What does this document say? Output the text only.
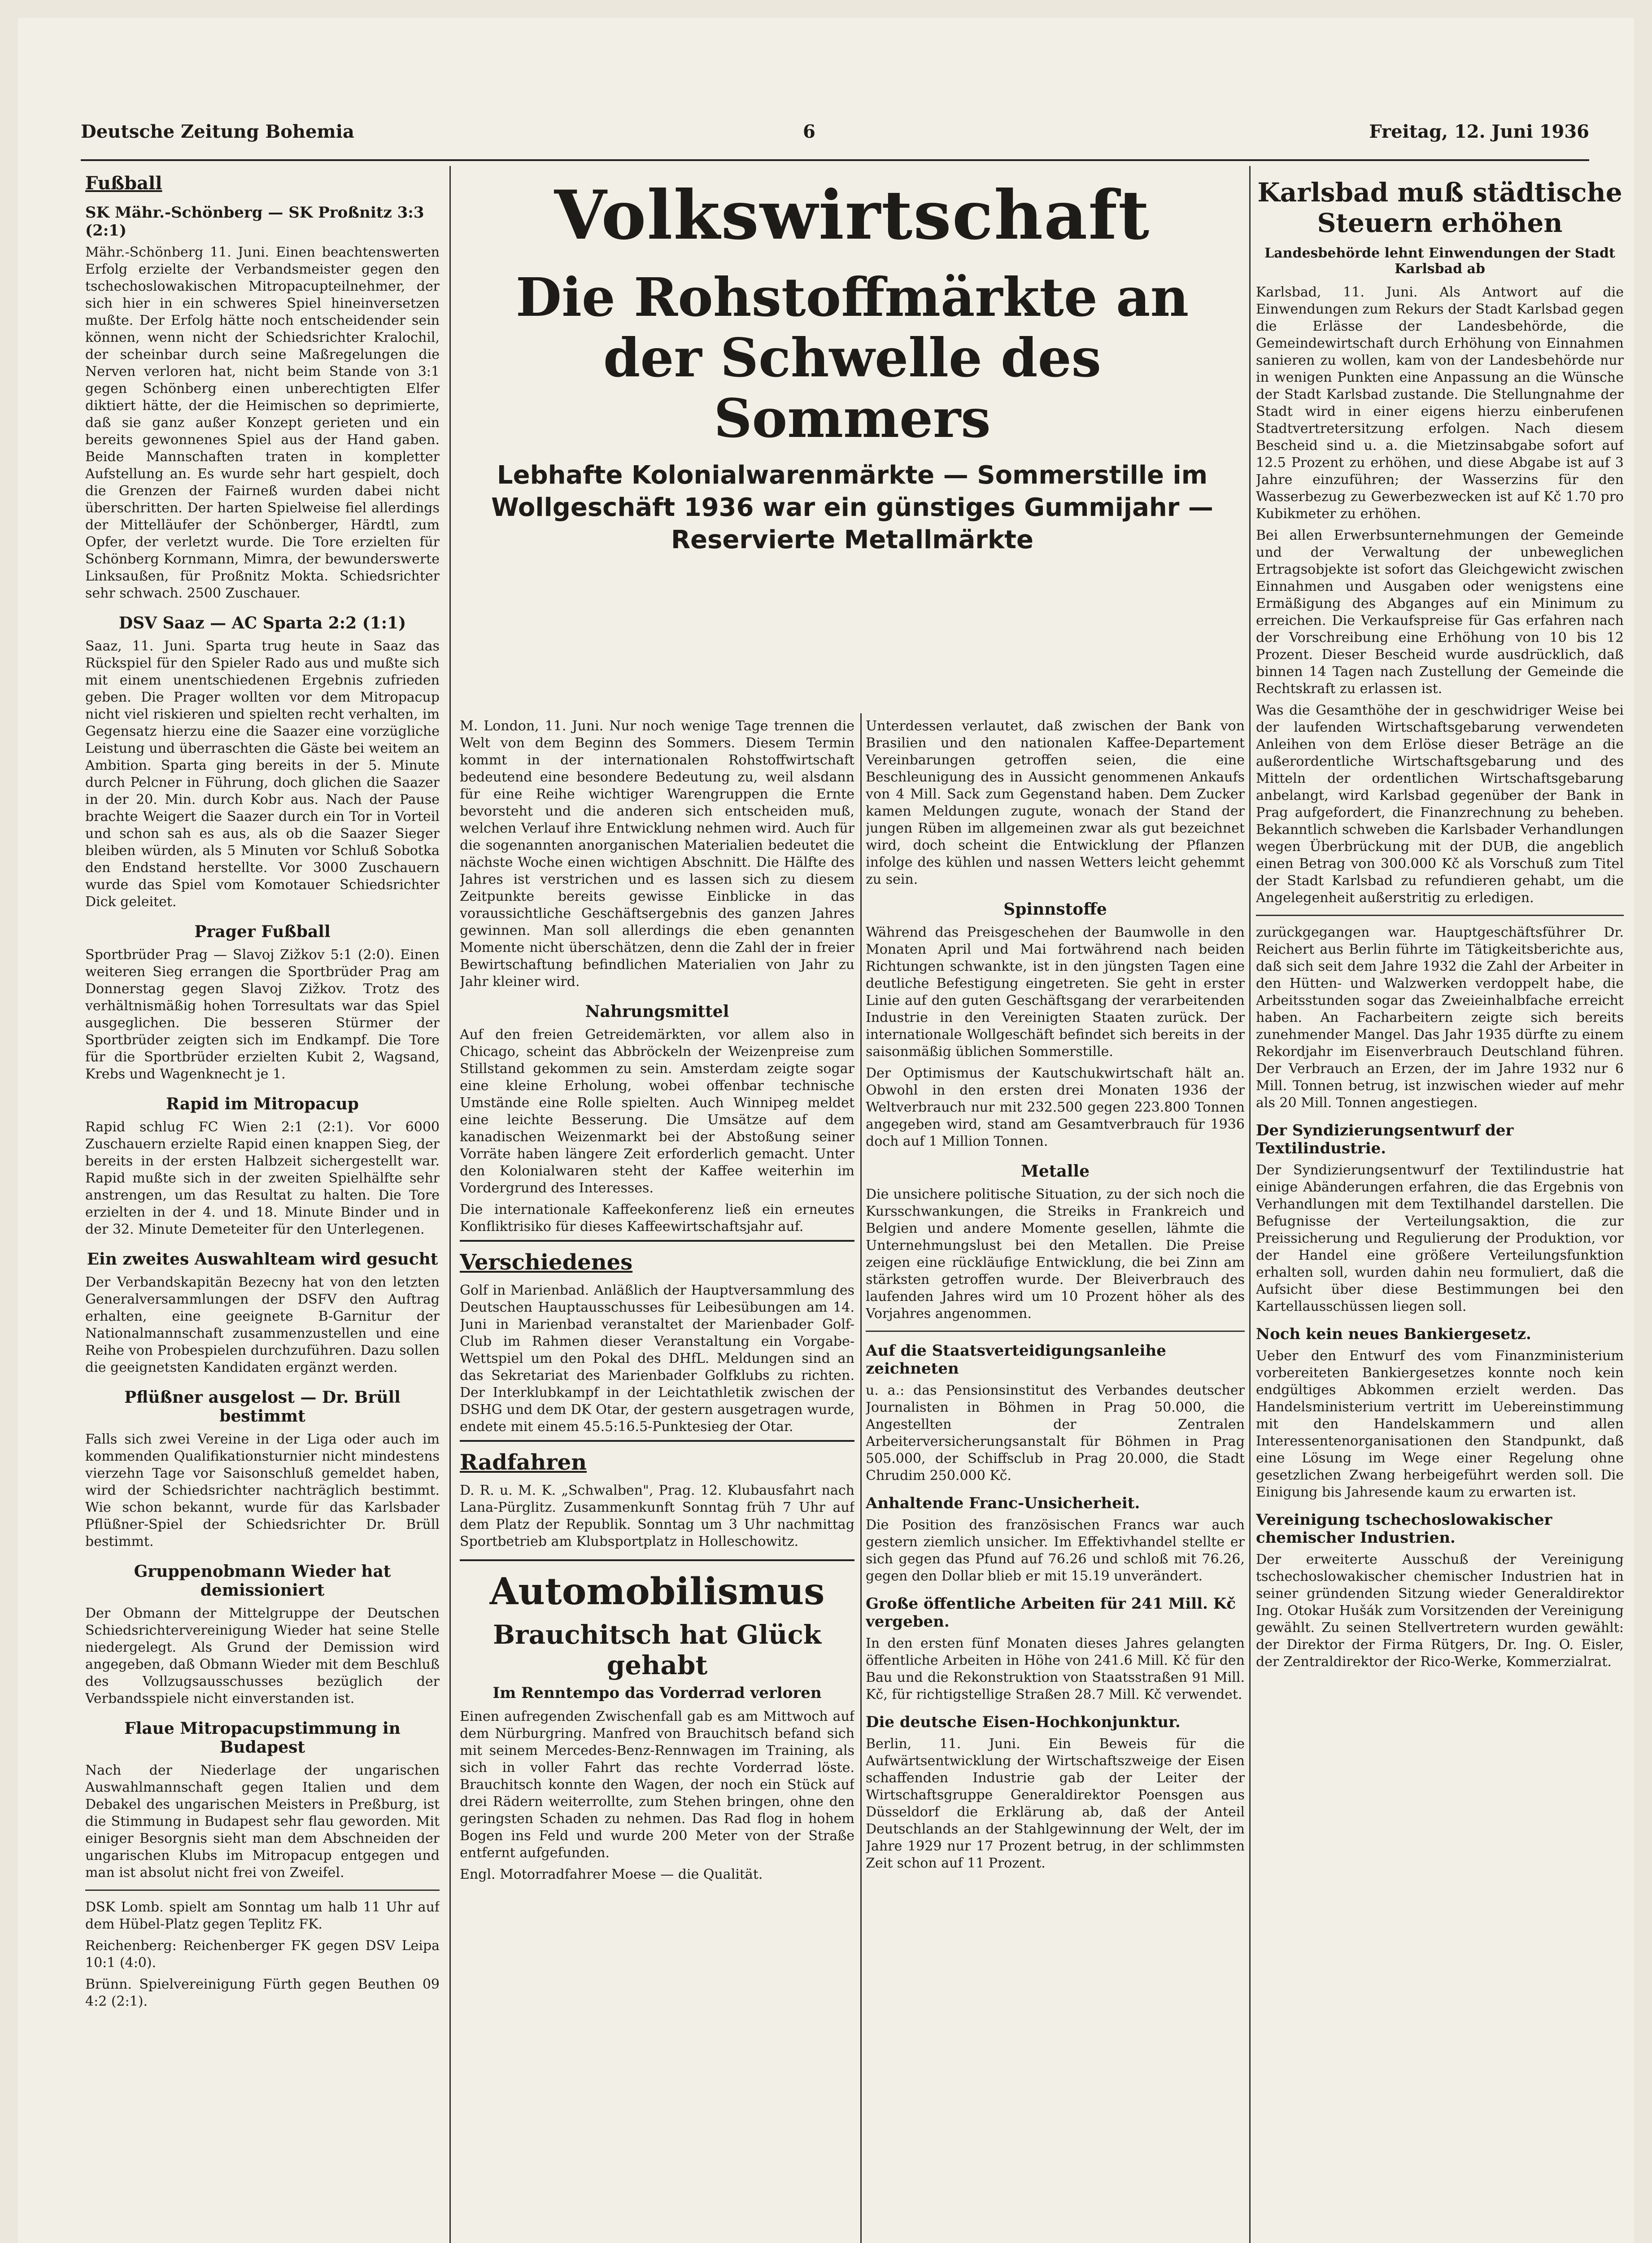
Deutsche Zeitung Bohemia	6	Freitag, 12. Juni 1936
Fußball
SK Mähr.-Schönberg — SK Proßnitz 3:3 (2:1)

Mähr.-Schönberg 11. Juni. Einen beachtenswerten Erfolg erzielte der Verbandsmeister gegen den tschechoslowakischen Mitropacupteilnehmer, der sich hier in ein schweres Spiel hineinversetzen mußte. Der Erfolg hätte noch entscheidender sein können, wenn nicht der Schiedsrichter Kralochil, der scheinbar durch seine Maßregelungen die Nerven verloren hat, nicht beim Stande von 3:1 gegen Schönberg einen unberechtigten Elfer diktiert hätte, der die Heimischen so deprimierte, daß sie ganz außer Konzept gerieten und ein bereits gewonnenes Spiel aus der Hand gaben. Beide Mannschaften traten in kompletter Aufstellung an. Es wurde sehr hart gespielt, doch die Grenzen der Fairneß wurden dabei nicht überschritten. Der harten Spielweise fiel allerdings der Mittelläufer der Schönberger, Härdtl, zum Opfer, der verletzt wurde. Die Tore erzielten für Schönberg Kornmann, Mimra, der bewunderswerte Linksaußen, für Proßnitz Mokta. Schiedsrichter sehr schwach. 2500 Zuschauer.

DSV Saaz — AC Sparta 2:2 (1:1)

Saaz, 11. Juni. Sparta trug heute in Saaz das Rückspiel für den Spieler Rado aus und mußte sich mit einem unentschiedenen Ergebnis zufrieden geben. Die Prager wollten vor dem Mitropacup nicht viel riskieren und spielten recht verhalten, im Gegensatz hierzu eine die Saazer eine vorzügliche Leistung und überraschten die Gäste bei weitem an Ambition. Sparta ging bereits in der 5. Minute durch Pelcner in Führung, doch glichen die Saazer in der 20. Min. durch Kobr aus. Nach der Pause brachte Weigert die Saazer durch ein Tor in Vorteil und schon sah es aus, als ob die Saazer Sieger bleiben würden, als 5 Minuten vor Schluß Sobotka den Endstand herstellte. Vor 3000 Zuschauern wurde das Spiel vom Komotauer Schiedsrichter Dick geleitet.

Prager Fußball

Sportbrüder Prag — Slavoj Zižkov 5:1 (2:0). Einen weiteren Sieg errangen die Sportbrüder Prag am Donnerstag gegen Slavoj Zižkov. Trotz des verhältnismäßig hohen Torresultats war das Spiel ausgeglichen. Die besseren Stürmer der Sportbrüder zeigten sich im Endkampf. Die Tore für die Sportbrüder erzielten Kubit 2, Wagsand, Krebs und Wagenknecht je 1.

Rapid im Mitropacup

Rapid schlug FC Wien 2:1 (2:1). Vor 6000 Zuschauern erzielte Rapid einen knappen Sieg, der bereits in der ersten Halbzeit sichergestellt war. Rapid mußte sich in der zweiten Spielhälfte sehr anstrengen, um das Resultat zu halten. Die Tore erzielten in der 4. und 18. Minute Binder und in der 32. Minute Demeteiter für den Unterlegenen.

Ein zweites Auswahlteam wird gesucht

Der Verbandskapitän Bezecny hat von den letzten Generalversammlungen der DSFV den Auftrag erhalten, eine geeignete B-Garnitur der Nationalmannschaft zusammenzustellen und eine Reihe von Probespielen durchzuführen. Dazu sollen die geeignetsten Kandidaten ergänzt werden.

Pflüßner ausgelost — Dr. Brüll bestimmt

Falls sich zwei Vereine in der Liga oder auch im kommenden Qualifikationsturnier nicht mindestens vierzehn Tage vor Saisonschluß gemeldet haben, wird der Schiedsrichter nachträglich bestimmt. Wie schon bekannt, wurde für das Karlsbader Pflüßner-Spiel der Schiedsrichter Dr. Brüll bestimmt.

Gruppenobmann Wieder hat demissioniert

Der Obmann der Mittelgruppe der Deutschen Schiedsrichtervereinigung Wieder hat seine Stelle niedergelegt. Als Grund der Demission wird angegeben, daß Obmann Wieder mit dem Beschluß des Vollzugsausschusses bezüglich der Verbandsspiele nicht einverstanden ist.

Flaue Mitropacupstimmung in Budapest

Nach der Niederlage der ungarischen Auswahlmannschaft gegen Italien und dem Debakel des ungarischen Meisters in Preßburg, ist die Stimmung in Budapest sehr flau geworden. Mit einiger Besorgnis sieht man dem Abschneiden der ungarischen Klubs im Mitropacup entgegen und man ist absolut nicht frei von Zweifel.

DSK Lomb. spielt am Sonntag um halb 11 Uhr auf dem Hübel-Platz gegen Teplitz FK.

Reichenberg: Reichenberger FK gegen DSV Leipa 10:1 (4:0).

Brünn. Spielvereinigung Fürth gegen Beuthen 09 4:2 (2:1).

Volkswirtschaft
Die Rohstoffmärkte an der Schwelle des Sommers
Lebhafte Kolonialwarenmärkte — Sommerstille im Wollgeschäft 1936 war ein günstiges Gummijahr — Reservierte Metallmärkte

M. London, 11. Juni. Nur noch wenige Tage trennen die Welt von dem Beginn des Sommers. Diesem Termin kommt in der internationalen Rohstoffwirtschaft bedeutend eine besondere Bedeutung zu, weil alsdann für eine Reihe wichtiger Warengruppen die Ernte bevorsteht und die anderen sich entscheiden muß, welchen Verlauf ihre Entwicklung nehmen wird. Auch für die sogenannten anorganischen Materialien bedeutet die nächste Woche einen wichtigen Abschnitt. Die Hälfte des Jahres ist verstrichen und es lassen sich zu diesem Zeitpunkte bereits gewisse Einblicke in das voraussichtliche Geschäftsergebnis des ganzen Jahres gewinnen. Man soll allerdings die eben genannten Momente nicht überschätzen, denn die Zahl der in freier Bewirtschaftung befindlichen Materialien von Jahr zu Jahr kleiner wird.

Nahrungsmittel

Auf den freien Getreidemärkten, vor allem also in Chicago, scheint das Abbröckeln der Weizenpreise zum Stillstand gekommen zu sein. Amsterdam zeigte sogar eine kleine Erholung, wobei offenbar technische Umstände eine Rolle spielten. Auch Winnipeg meldet eine leichte Besserung. Die Umsätze auf dem kanadischen Weizenmarkt bei der Abstoßung seiner Vorräte haben längere Zeit erforderlich gemacht. Unter den Kolonialwaren steht der Kaffee weiterhin im Vordergrund des Interesses.

Die internationale Kaffeekonferenz ließ ein erneutes Konfliktrisiko für dieses Kaffeewirtschaftsjahr auf.

Verschiedenes

Golf in Marienbad. Anläßlich der Hauptversammlung des Deutschen Hauptausschusses für Leibesübungen am 14. Juni in Marienbad veranstaltet der Marienbader Golf-Club im Rahmen dieser Veranstaltung ein Vorgabe-Wettspiel um den Pokal des DHfL. Meldungen sind an das Sekretariat des Marienbader Golfklubs zu richten. Der Interklubkampf in der Leichtathletik zwischen der DSHG und dem DK Otar, der gestern ausgetragen wurde, endete mit einem 45.5:16.5-Punktesieg der Otar.

Radfahren

D. R. u. M. K. „Schwalben", Prag. 12. Klubausfahrt nach Lana-Pürglitz. Zusammenkunft Sonntag früh 7 Uhr auf dem Platz der Republik. Sonntag um 3 Uhr nachmittag Sportbetrieb am Klubsportplatz in Holleschowitz.

Automobilismus
Brauchitsch hat Glück gehabt
Im Renntempo das Vorderrad verloren

Einen aufregenden Zwischenfall gab es am Mittwoch auf dem Nürburgring. Manfred von Brauchitsch befand sich mit seinem Mercedes-Benz-Rennwagen im Training, als sich in voller Fahrt das rechte Vorderrad löste. Brauchitsch konnte den Wagen, der noch ein Stück auf drei Rädern weiterrollte, zum Stehen bringen, ohne den geringsten Schaden zu nehmen. Das Rad flog in hohem Bogen ins Feld und wurde 200 Meter von der Straße entfernt aufgefunden.

Engl. Motorradfahrer Moese — die Qualität.

Unterdessen verlautet, daß zwischen der Bank von Brasilien und den nationalen Kaffee-Departement Vereinbarungen getroffen seien, die eine Beschleunigung des in Aussicht genommenen Ankaufs von 4 Mill. Sack zum Gegenstand haben. Dem Zucker kamen Meldungen zugute, wonach der Stand der jungen Rüben im allgemeinen zwar als gut bezeichnet wird, doch scheint die Entwicklung der Pflanzen infolge des kühlen und nassen Wetters leicht gehemmt zu sein.

Spinnstoffe

Während das Preisgeschehen der Baumwolle in den Monaten April und Mai fortwährend nach beiden Richtungen schwankte, ist in den jüngsten Tagen eine deutliche Befestigung eingetreten. Sie geht in erster Linie auf den guten Geschäftsgang der verarbeitenden Industrie in den Vereinigten Staaten zurück. Der internationale Wollgeschäft befindet sich bereits in der saisonmäßig üblichen Sommerstille.

Der Optimismus der Kautschukwirtschaft hält an. Obwohl in den ersten drei Monaten 1936 der Weltverbrauch nur mit 232.500 gegen 223.800 Tonnen angegeben wird, stand am Gesamtverbrauch für 1936 doch auf 1 Million Tonnen.

Metalle

Die unsichere politische Situation, zu der sich noch die Kursschwankungen, die Streiks in Frankreich und Belgien und andere Momente gesellen, lähmte die Unternehmungslust bei den Metallen. Die Preise zeigen eine rückläufige Entwicklung, die bei Zinn am stärksten getroffen wurde. Der Bleiverbrauch des laufenden Jahres wird um 10 Prozent höher als des Vorjahres angenommen.

Auf die Staatsverteidigungsanleihe zeichneten

u. a.: das Pensionsinstitut des Verbandes deutscher Journalisten in Böhmen in Prag 50.000, die Angestellten der Zentralen Arbeiterversicherungsanstalt für Böhmen in Prag 505.000, der Schiffsclub in Prag 20.000, die Stadt Chrudim 250.000 Kč.

Anhaltende Franc-Unsicherheit.

Die Position des französischen Francs war auch gestern ziemlich unsicher. Im Effektivhandel stellte er sich gegen das Pfund auf 76.26 und schloß mit 76.26, gegen den Dollar blieb er mit 15.19 unverändert.

Große öffentliche Arbeiten für 241 Mill. Kč vergeben.

In den ersten fünf Monaten dieses Jahres gelangten öffentliche Arbeiten in Höhe von 241.6 Mill. Kč für den Bau und die Rekonstruktion von Staatsstraßen 91 Mill. Kč, für richtigstellige Straßen 28.7 Mill. Kč verwendet.

Die deutsche Eisen-Hochkonjunktur.

Berlin, 11. Juni. Ein Beweis für die Aufwärtsentwicklung der Wirtschaftszweige der Eisen schaffenden Industrie gab der Leiter der Wirtschaftsgruppe Generaldirektor Poensgen aus Düsseldorf die Erklärung ab, daß der Anteil Deutschlands an der Stahlgewinnung der Welt, der im Jahre 1929 nur 17 Prozent betrug, in der schlimmsten Zeit schon auf 11 Prozent.

Karlsbad muß städtische Steuern erhöhen
Landesbehörde lehnt Einwendungen der Stadt Karlsbad ab

Karlsbad, 11. Juni. Als Antwort auf die Einwendungen zum Rekurs der Stadt Karlsbad gegen die Erlässe der Landesbehörde, die Gemeindewirtschaft durch Erhöhung von Einnahmen sanieren zu wollen, kam von der Landesbehörde nur in wenigen Punkten eine Anpassung an die Wünsche der Stadt Karlsbad zustande. Die Stellungnahme der Stadt wird in einer eigens hierzu einberufenen Stadtvertretersitzung erfolgen. Nach diesem Bescheid sind u. a. die Mietzinsabgabe sofort auf 12.5 Prozent zu erhöhen, und diese Abgabe ist auf 3 Jahre einzuführen; der Wasserzins für den Wasserbezug zu Gewerbezwecken ist auf Kč 1.70 pro Kubikmeter zu erhöhen.

Bei allen Erwerbsunternehmungen der Gemeinde und der Verwaltung der unbeweglichen Ertragsobjekte ist sofort das Gleichgewicht zwischen Einnahmen und Ausgaben oder wenigstens eine Ermäßigung des Abganges auf ein Minimum zu erreichen. Die Verkaufspreise für Gas erfahren nach der Vorschreibung eine Erhöhung von 10 bis 12 Prozent. Dieser Bescheid wurde ausdrücklich, daß binnen 14 Tagen nach Zustellung der Gemeinde die Rechtskraft zu erlassen ist.

Was die Gesamthöhe der in geschwidriger Weise bei der laufenden Wirtschaftsgebarung verwendeten Anleihen von dem Erlöse dieser Beträge an die außerordentliche Wirtschaftsgebarung und des Mitteln der ordentlichen Wirtschaftsgebarung anbelangt, wird Karlsbad gegenüber der Bank in Prag aufgefordert, die Finanzrechnung zu beheben. Bekanntlich schweben die Karlsbader Verhandlungen wegen Überbrückung mit der DUB, die angeblich einen Betrag von 300.000 Kč als Vorschuß zum Titel der Stadt Karlsbad zu refundieren gehabt, um die Angelegenheit außerstritig zu erledigen.

zurückgegangen war. Hauptgeschäftsführer Dr. Reichert aus Berlin führte im Tätigkeitsberichte aus, daß sich seit dem Jahre 1932 die Zahl der Arbeiter in den Hütten- und Walzwerken verdoppelt habe, die Arbeitsstunden sogar das Zweieinhalbfache erreicht haben. An Facharbeitern zeigte sich bereits zunehmender Mangel. Das Jahr 1935 dürfte zu einem Rekordjahr im Eisenverbrauch Deutschland führen. Der Verbrauch an Erzen, der im Jahre 1932 nur 6 Mill. Tonnen betrug, ist inzwischen wieder auf mehr als 20 Mill. Tonnen angestiegen.

Der Syndizierungsentwurf der Textilindustrie.

Der Syndizierungsentwurf der Textilindustrie hat einige Abänderungen erfahren, die das Ergebnis von Verhandlungen mit dem Textilhandel darstellen. Die Befugnisse der Verteilungsaktion, die zur Preissicherung und Regulierung der Produktion, vor der Handel eine größere Verteilungsfunktion erhalten soll, wurden dahin neu formuliert, daß die Aufsicht über diese Bestimmungen bei den Kartellausschüssen liegen soll.

Noch kein neues Bankiergesetz.

Ueber den Entwurf des vom Finanzministerium vorbereiteten Bankiergesetzes konnte noch kein endgültiges Abkommen erzielt werden. Das Handelsministerium vertritt im Uebereinstimmung mit den Handelskammern und allen Interessentenorganisationen den Standpunkt, daß eine Lösung im Wege einer Regelung ohne gesetzlichen Zwang herbeigeführt werden soll. Die Einigung bis Jahresende kaum zu erwarten ist.

Vereinigung tschechoslowakischer chemischer Industrien.

Der erweiterte Ausschuß der Vereinigung tschechoslowakischer chemischer Industrien hat in seiner gründenden Sitzung wieder Generaldirektor Ing. Otokar Hušák zum Vorsitzenden der Vereinigung gewählt. Zu seinen Stellvertretern wurden gewählt: der Direktor der Firma Rütgers, Dr. Ing. O. Eisler, der Zentraldirektor der Rico-Werke, Kommerzialrat.
